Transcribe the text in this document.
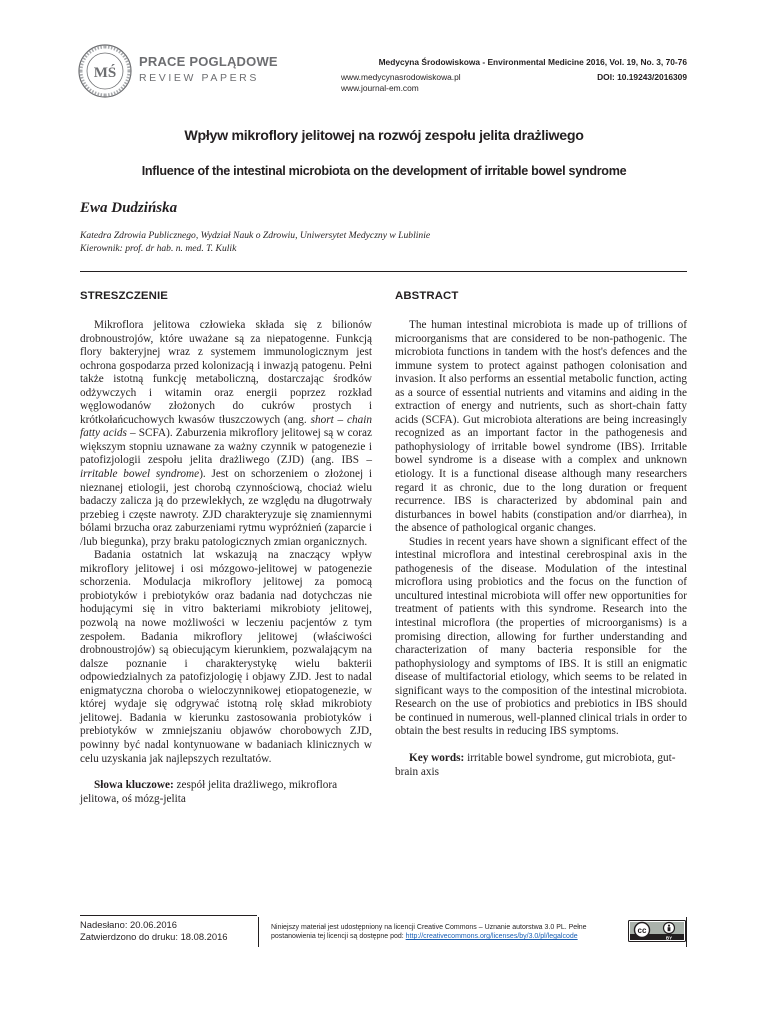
MŚ
PRACE POGLĄDOWE
REVIEW PAPERS
Medycyna Środowiskowa - Environmental Medicine 2016, Vol. 19, No. 3, 70-76
www.medycynasrodowiskowa.pl	DOI: 10.19243/2016309
www.journal-em.com
Wpływ mikroflory jelitowej na rozwój zespołu jelita drażliwego
Influence of the intestinal microbiota on the development of irritable bowel syndrome
Ewa Dudzińska
Katedra Zdrowia Publicznego, Wydział Nauk o Zdrowiu, Uniwersytet Medyczny w Lublinie
Kierownik: prof. dr hab. n. med. T. Kulik
STRESZCZENIE

Mikroflora jelitowa człowieka składa się z bilionów drobnoustrojów, które uważane są za niepatogenne. Funkcją flory bakteryjnej wraz z systemem immunologicznym jest ochrona gospodarza przed kolonizacją i inwazją patogenu. Pełni także istotną funkcję metaboliczną, dostarczając środków odżywczych i witamin oraz energii poprzez rozkład węglowodanów złożonych do cukrów prostych i krótkołańcuchowych kwasów tłuszczowych (ang. short – chain fatty acids – SCFA). Zaburzenia mikroflory jelitowej są w coraz większym stopniu uznawane za ważny czynnik w patogenezie i patofizjologii zespołu jelita drażliwego (ZJD) (ang. IBS – irritable bowel syndrome). Jest on schorzeniem o złożonej i nieznanej etiologii, jest chorobą czynnościową, chociaż wielu badaczy zalicza ją do przewlekłych, ze względu na długotrwały przebieg i częste nawroty. ZJD charakteryzuje się znamiennymi bólami brzucha oraz zaburzeniami rytmu wypróżnień (zaparcie i /lub biegunka), przy braku patologicznych zmian organicznych.

Badania ostatnich lat wskazują na znaczący wpływ mikroflory jelitowej i osi mózgowo-jelitowej w patogenezie schorzenia. Modulacja mikroflory jelitowej za pomocą probiotyków i prebiotyków oraz badania nad dotychczas nie hodującymi się in vitro bakteriami mikrobioty jelitowej, pozwolą na nowe możliwości w leczeniu pacjentów z tym zespołem. Badania mikroflory jelitowej (właściwości drobnoustrojów) są obiecującym kierunkiem, pozwalającym na dalsze poznanie i charakterystykę wielu bakterii odpowiedzialnych za patofizjologię i objawy ZJD. Jest to nadal enigmatyczna choroba o wieloczynnikowej etiopatogenezie, w której wydaje się odgrywać istotną rolę skład mikrobioty jelitowej. Badania w kierunku zastosowania probiotyków i prebiotyków w zmniejszaniu objawów chorobowych ZJD, powinny być nadal kontynuowane w badaniach klinicznych w celu uzyskania jak najlepszych rezultatów.

Słowa kluczowe: zespół jelita drażliwego, mikroflora jelitowa, oś mózg-jelita

ABSTRACT

The human intestinal microbiota is made up of trillions of microorganisms that are considered to be non-pathogenic. The microbiota functions in tandem with the host's defences and the immune system to protect against pathogen colonisation and invasion. It also performs an essential metabolic function, acting as a source of essential nutrients and vitamins and aiding in the extraction of energy and nutrients, such as short-chain fatty acids (SCFA). Gut microbiota alterations are being increasingly recognized as an important factor in the pathogenesis and pathophysiology of irritable bowel syndrome (IBS). Irritable bowel syndrome is a disease with a complex and unknown etiology. It is a functional disease although many researchers regard it as chronic, due to the long duration or frequent recurrence. IBS is characterized by abdominal pain and disturbances in bowel habits (constipation and/or diarrhea), in the absence of pathological organic changes.

Studies in recent years have shown a significant effect of the intestinal microflora and intestinal cerebrospinal axis in the pathogenesis of the disease. Modulation of the intestinal microflora using probiotics and the focus on the function of uncultured intestinal microbiota will offer new opportunities for treatment of patients with this syndrome. Research into the intestinal microflora (the properties of microorganisms) is a promising direction, allowing for further understanding and characterization of many bacteria responsible for the pathophysiology and symptoms of IBS. It is still an enigmatic disease of multifactorial etiology, which seems to be related in significant ways to the composition of the intestinal microbiota. Research on the use of probiotics and prebiotics in IBS should be continued in numerous, well-planned clinical trials in order to obtain the best results in reducing IBS symptoms.

Key words: irritable bowel syndrome, gut microbiota, gut-brain axis

Nadesłano: 20.06.2016
Zatwierdzono do druku: 18.08.2016
Niniejszy materiał jest udostępniony na licencji Creative Commons – Uznanie autorstwa 3.0 PL. Pełne postanowienia tej licencji są dostępne pod: http://creativecommons.org/licenses/by/3.0/pl/legalcode
cc
BY
